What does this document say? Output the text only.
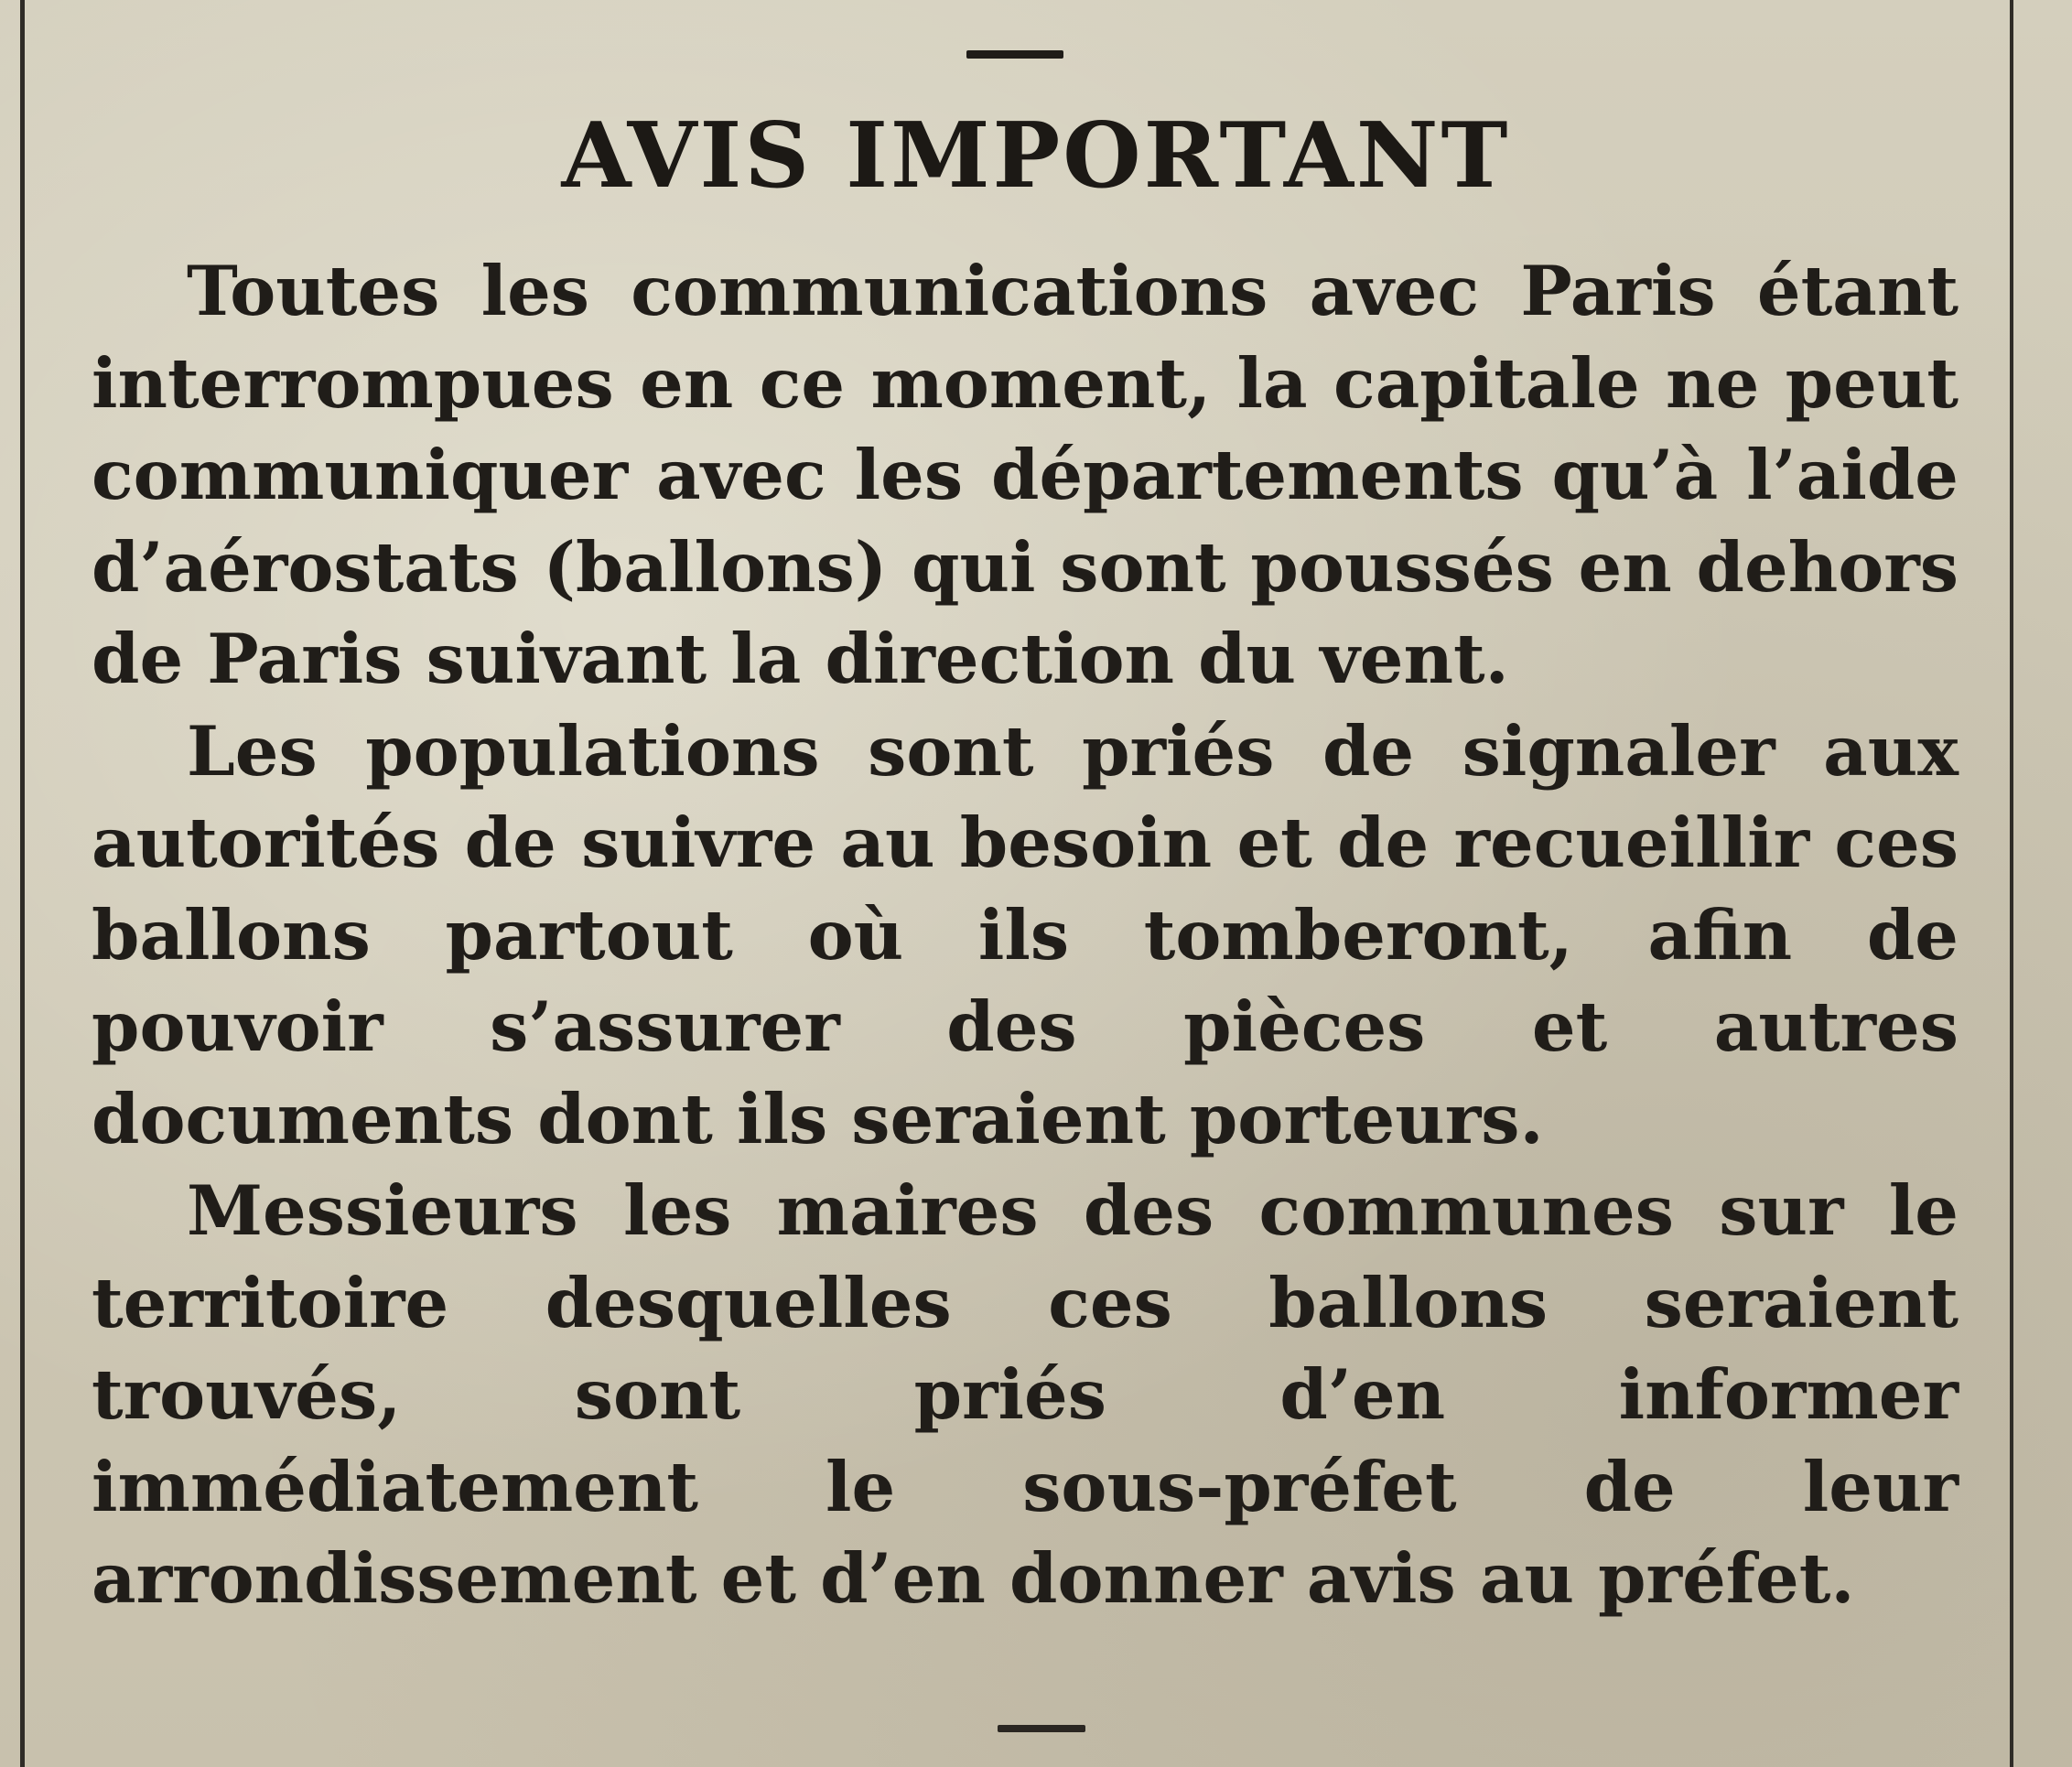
AVIS IMPORTANT

Toutes les communications avec Paris étant interrompues en ce moment, la capitale ne peut communiquer avec les départements qu’à l’aide d’aérostats (ballons) qui sont poussés en dehors de Paris suivant la direction du vent.

Les populations sont priés de signaler aux autorités de suivre au besoin et de recueillir ces ballons partout où ils tomberont, afin de pouvoir s’assurer des pièces et autres documents dont ils seraient porteurs.

Messieurs les maires des communes sur le territoire desquelles ces ballons seraient trouvés, sont priés d’en informer immédiatement le sous-préfet de leur arrondissement et d’en donner avis au préfet.
